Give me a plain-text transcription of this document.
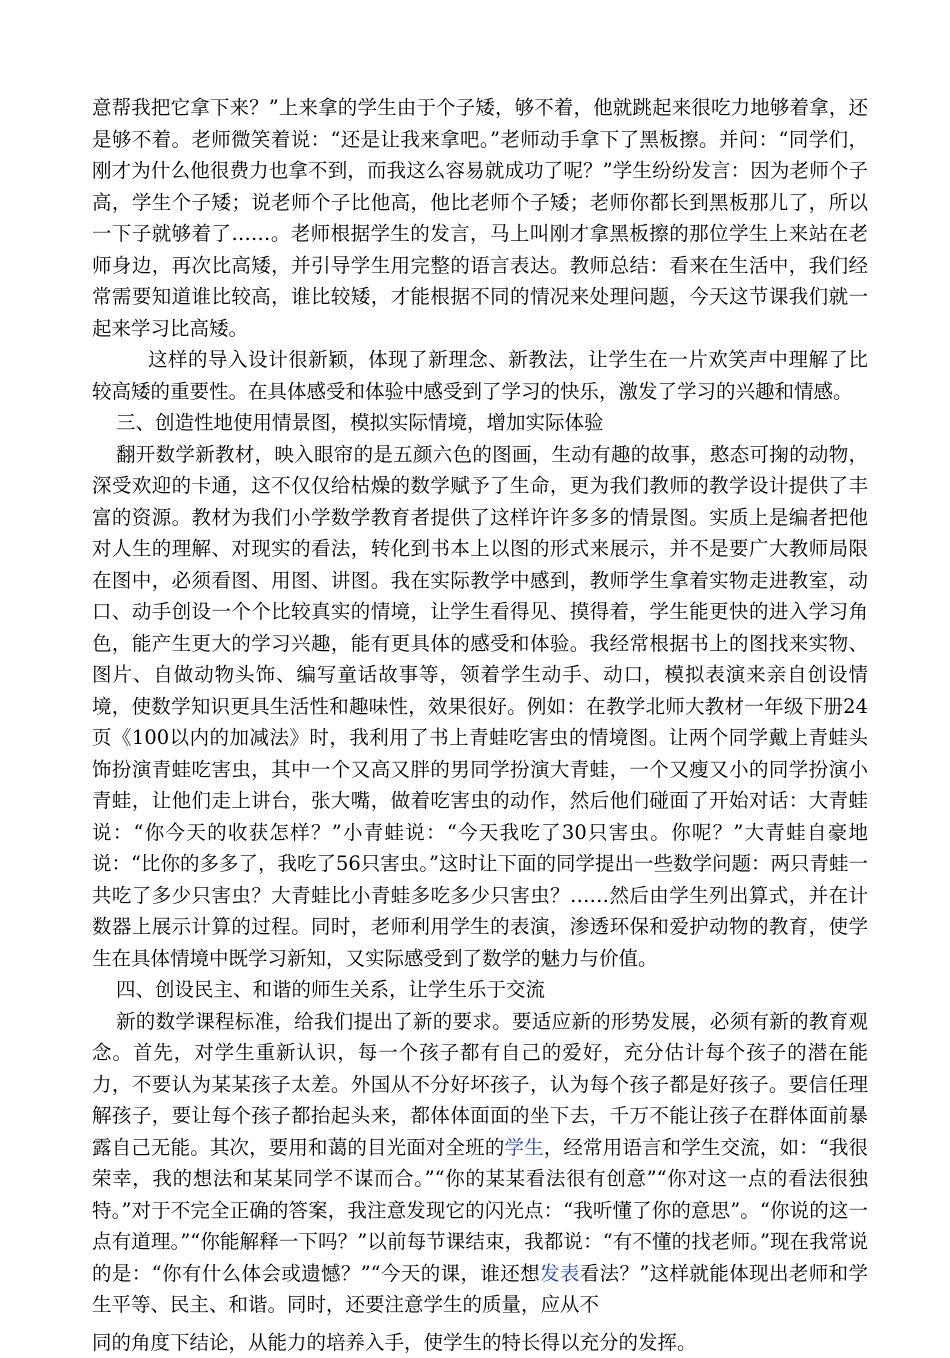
意帮我把它拿下来？”上来拿的学生由于个子矮，够不着，他就跳起来很吃力地够着拿，还是够不着。老师微笑着说：“还是让我来拿吧。”老师动手拿下了黑板擦。并问：“同学们，刚才为什么他很费力也拿不到，而我这么容易就成功了呢？”学生纷纷发言：因为老师个子高，学生个子矮；说老师个子比他高，他比老师个子矮；老师你都长到黑板那儿了，所以一下子就够着了……。老师根据学生的发言，马上叫刚才拿黑板擦的那位学生上来站在老师身边，再次比高矮，并引导学生用完整的语言表达。教师总结：看来在生活中，我们经常需要知道谁比较高，谁比较矮，才能根据不同的情况来处理问题，今天这节课我们就一起来学习比高矮。

这样的导入设计很新颖，体现了新理念、新教法，让学生在一片欢笑声中理解了比较高矮的重要性。在具体感受和体验中感受到了学习的快乐，激发了学习的兴趣和情感。

三、创造性地使用情景图，模拟实际情境，增加实际体验

翻开数学新教材，映入眼帘的是五颜六色的图画，生动有趣的故事，憨态可掬的动物，深受欢迎的卡通，这不仅仅给枯燥的数学赋予了生命，更为我们教师的教学设计提供了丰富的资源。教材为我们小学数学教育者提供了这样许许多多的情景图。实质上是编者把他对人生的理解、对现实的看法，转化到书本上以图的形式来展示，并不是要广大教师局限在图中，必须看图、用图、讲图。我在实际教学中感到，教师学生拿着实物走进教室，动口、动手创设一个个比较真实的情境，让学生看得见、摸得着，学生能更快的进入学习角色，能产生更大的学习兴趣，能有更具体的感受和体验。我经常根据书上的图找来实物、图片、自做动物头饰、编写童话故事等，领着学生动手、动口，模拟表演来亲自创设情境，使数学知识更具生活性和趣味性，效果很好。例如：在教学北师大教材一年级下册24页《100以内的加减法》时，我利用了书上青蛙吃害虫的情境图。让两个同学戴上青蛙头饰扮演青蛙吃害虫，其中一个又高又胖的男同学扮演大青蛙，一个又瘦又小的同学扮演小青蛙，让他们走上讲台，张大嘴，做着吃害虫的动作，然后他们碰面了开始对话：大青蛙说：“你今天的收获怎样？”小青蛙说：“今天我吃了30只害虫。你呢？”大青蛙自豪地说：“比你的多多了，我吃了56只害虫。”这时让下面的同学提出一些数学问题：两只青蛙一共吃了多少只害虫？大青蛙比小青蛙多吃多少只害虫？……然后由学生列出算式，并在计数器上展示计算的过程。同时，老师利用学生的表演，渗透环保和爱护动物的教育，使学生在具体情境中既学习新知，又实际感受到了数学的魅力与价值。

四、创设民主、和谐的师生关系，让学生乐于交流

新的数学课程标准，给我们提出了新的要求。要适应新的形势发展，必须有新的教育观念。首先，对学生重新认识，每一个孩子都有自己的爱好，充分估计每个孩子的潜在能力，不要认为某某孩子太差。外国从不分好坏孩子，认为每个孩子都是好孩子。要信任理解孩子，要让每个孩子都抬起头来，都体体面面的坐下去，千万不能让孩子在群体面前暴露自己无能。其次，要用和蔼的目光面对全班的学生，经常用语言和学生交流，如：“我很荣幸，我的想法和某某同学不谋而合。”“你的某某看法很有创意”“你对这一点的看法很独特。”对于不完全正确的答案，我注意发现它的闪光点：“我听懂了你的意思”。“你说的这一点有道理。”“你能解释一下吗？”以前每节课结束，我都说：“有不懂的找老师。”现在我常说的是：“你有什么体会或遗憾？”“今天的课，谁还想发表看法？”这样就能体现出老师和学生平等、民主、和谐。同时，还要注意学生的质量，应从不

同的角度下结论，从能力的培养入手，使学生的特长得以充分的发挥。
